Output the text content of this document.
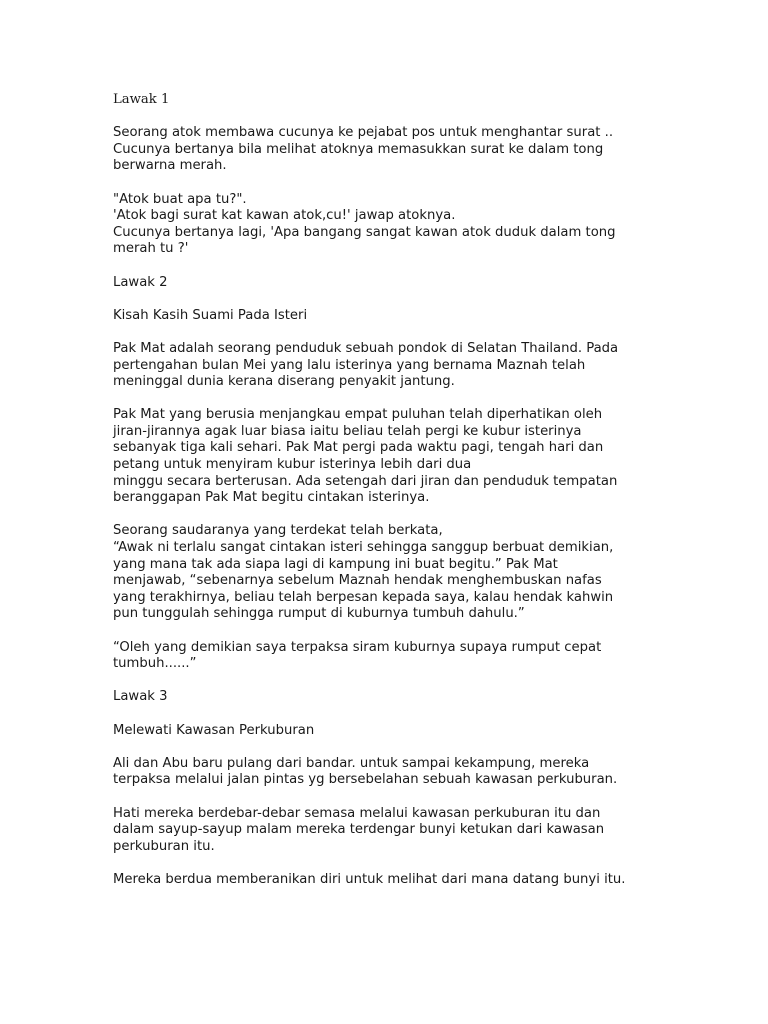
Lawak 1
Seorang atok membawa cucunya ke pejabat pos untuk menghantar surat ..
Cucunya bertanya bila melihat atoknya memasukkan surat ke dalam tong
berwarna merah.
"Atok buat apa tu?".
'Atok bagi surat kat kawan atok,cu!' jawap atoknya.
Cucunya bertanya lagi, 'Apa bangang sangat kawan atok duduk dalam tong
merah tu ?'
Lawak 2
Kisah Kasih Suami Pada Isteri
Pak Mat adalah seorang penduduk sebuah pondok di Selatan Thailand. Pada
pertengahan bulan Mei yang lalu isterinya yang bernama Maznah telah
meninggal dunia kerana diserang penyakit jantung.
Pak Mat yang berusia menjangkau empat puluhan telah diperhatikan oleh
jiran-jirannya agak luar biasa iaitu beliau telah pergi ke kubur isterinya
sebanyak tiga kali sehari. Pak Mat pergi pada waktu pagi, tengah hari dan
petang untuk menyiram kubur isterinya lebih dari dua
minggu secara berterusan. Ada setengah dari jiran dan penduduk tempatan
beranggapan Pak Mat begitu cintakan isterinya.
Seorang saudaranya yang terdekat telah berkata,
“Awak ni terlalu sangat cintakan isteri sehingga sanggup berbuat demikian,
yang mana tak ada siapa lagi di kampung ini buat begitu.” Pak Mat
menjawab, “sebenarnya sebelum Maznah hendak menghembuskan nafas
yang terakhirnya, beliau telah berpesan kepada saya, kalau hendak kahwin
pun tunggulah sehingga rumput di kuburnya tumbuh dahulu.”
“Oleh yang demikian saya terpaksa siram kuburnya supaya rumput cepat
tumbuh......”
Lawak 3
Melewati Kawasan Perkuburan
Ali dan Abu baru pulang dari bandar. untuk sampai kekampung, mereka
terpaksa melalui jalan pintas yg bersebelahan sebuah kawasan perkuburan.
Hati mereka berdebar-debar semasa melalui kawasan perkuburan itu dan
dalam sayup-sayup malam mereka terdengar bunyi ketukan dari kawasan
perkuburan itu.
Mereka berdua memberanikan diri untuk melihat dari mana datang bunyi itu.
